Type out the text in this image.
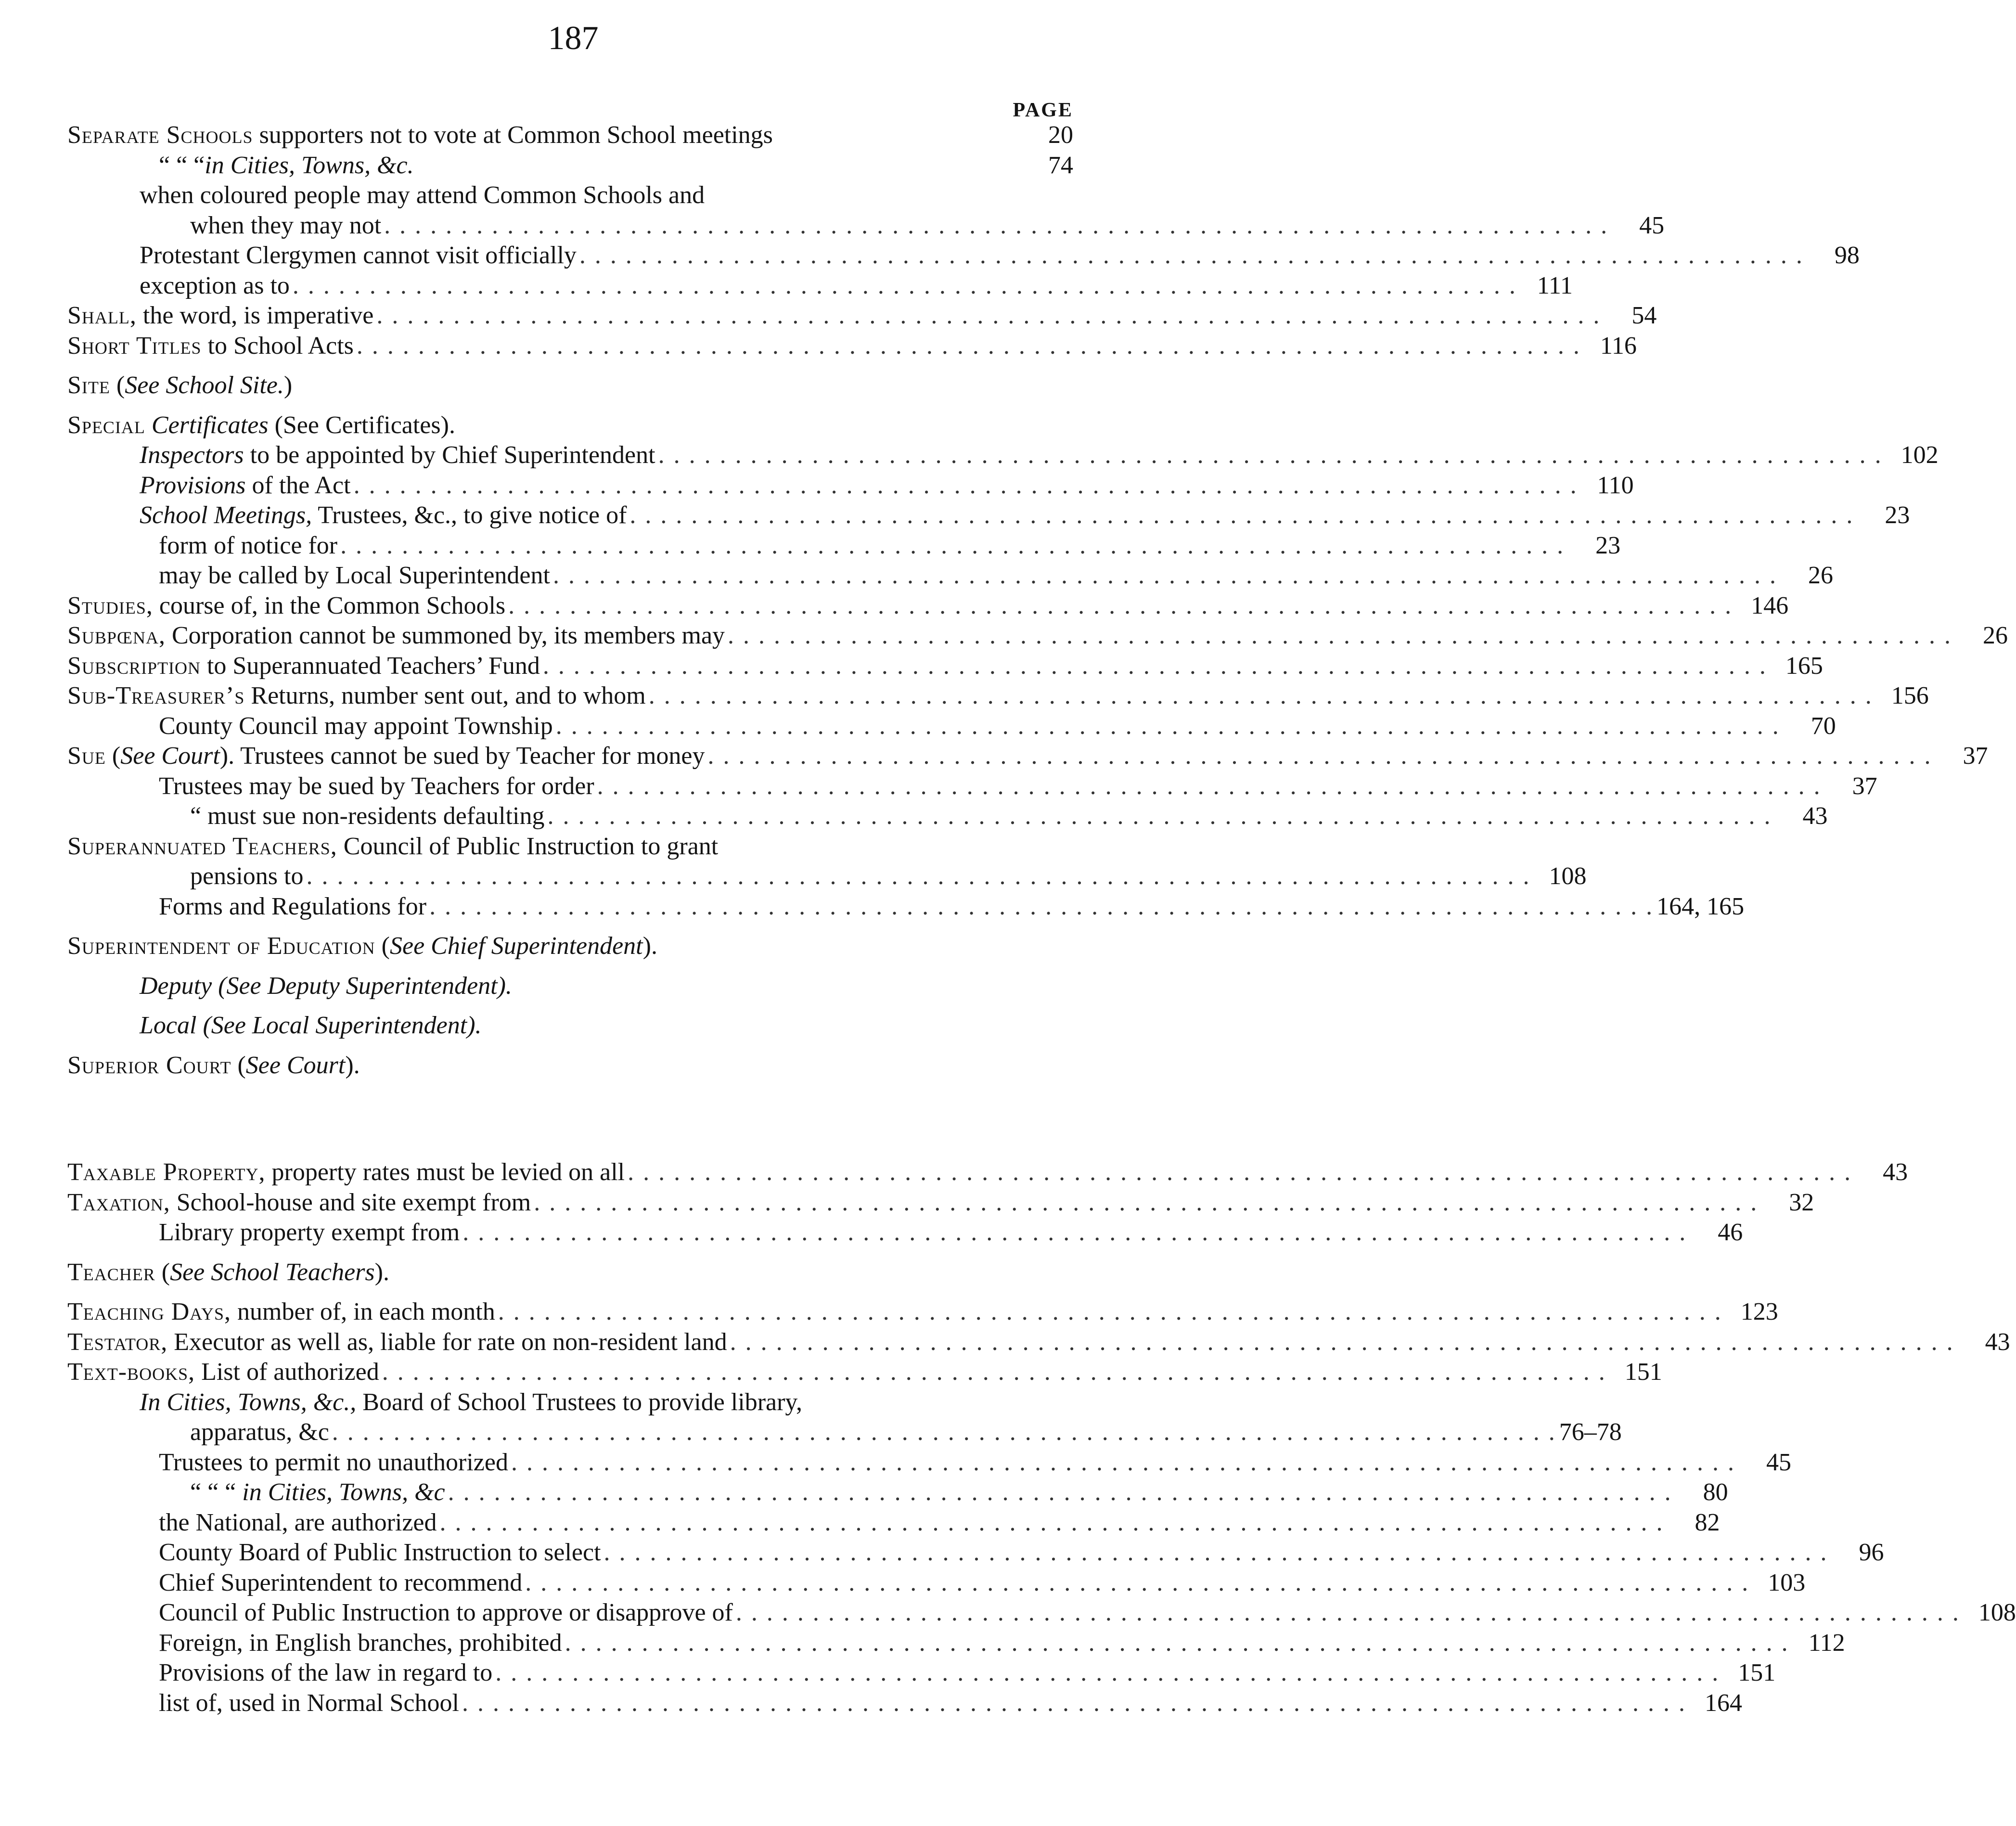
187
PAGE
Separate Schools supporters not to vote at Common School meetings	20
“ “ “in Cities, Towns, &c.	74
when coloured people may attend Common Schools and
when they may not . . . . . . . . . . . . . . . . . . . . . . . . . . . . . . . . . . . . . . . . . . . . . . . . . . . . . . . . . . . . . . . . . . . . . . . . . . . . . . . .	45
Protestant Clergymen cannot visit officially . . . . . . . . . . . . . . . . . . . . . . . . . . . . . . . . . . . . . . . . . . . . . . . . . . . . . . . . . . . . . . . . . . . . . . . . . . . . . . . .	98
exception as to . . . . . . . . . . . . . . . . . . . . . . . . . . . . . . . . . . . . . . . . . . . . . . . . . . . . . . . . . . . . . . . . . . . . . . . . . . . . . . . . 111
Shall, the word, is imperative . . . . . . . . . . . . . . . . . . . . . . . . . . . . . . . . . . . . . . . . . . . . . . . . . . . . . . . . . . . . . . . . . . . . . . . . . . . . . . . .	54
Short Titles to School Acts . . . . . . . . . . . . . . . . . . . . . . . . . . . . . . . . . . . . . . . . . . . . . . . . . . . . . . . . . . . . . . . . . . . . . . . . . . . . . . . . 116
Site (See School Site.)
Special Certificates (See Certificates).
Inspectors to be appointed by Chief Superintendent . . . . . . . . . . . . . . . . . . . . . . . . . . . . . . . . . . . . . . . . . . . . . . . . . . . . . . . . . . . . . . . . . . . . . . . . . . . . . . . . 102
Provisions of the Act . . . . . . . . . . . . . . . . . . . . . . . . . . . . . . . . . . . . . . . . . . . . . . . . . . . . . . . . . . . . . . . . . . . . . . . . . . . . . . . . 110
School Meetings, Trustees, &c., to give notice of . . . . . . . . . . . . . . . . . . . . . . . . . . . . . . . . . . . . . . . . . . . . . . . . . . . . . . . . . . . . . . . . . . . . . . . . . . . . . . . .	23
form of notice for . . . . . . . . . . . . . . . . . . . . . . . . . . . . . . . . . . . . . . . . . . . . . . . . . . . . . . . . . . . . . . . . . . . . . . . . . . . . . . . .	23
may be called by Local Superintendent . . . . . . . . . . . . . . . . . . . . . . . . . . . . . . . . . . . . . . . . . . . . . . . . . . . . . . . . . . . . . . . . . . . . . . . . . . . . . . . .	26
Studies, course of, in the Common Schools . . . . . . . . . . . . . . . . . . . . . . . . . . . . . . . . . . . . . . . . . . . . . . . . . . . . . . . . . . . . . . . . . . . . . . . . . . . . . . . . 146
Subpœna, Corporation cannot be summoned by, its members may . . . . . . . . . . . . . . . . . . . . . . . . . . . . . . . . . . . . . . . . . . . . . . . . . . . . . . . . . . . . . . . . . . . . . . . . . . . . . . . .	26
Subscription to Superannuated Teachers’ Fund . . . . . . . . . . . . . . . . . . . . . . . . . . . . . . . . . . . . . . . . . . . . . . . . . . . . . . . . . . . . . . . . . . . . . . . . . . . . . . . . 165
Sub-Treasurer’s Returns, number sent out, and to whom . . . . . . . . . . . . . . . . . . . . . . . . . . . . . . . . . . . . . . . . . . . . . . . . . . . . . . . . . . . . . . . . . . . . . . . . . . . . . . . . 156
County Council may appoint Township . . . . . . . . . . . . . . . . . . . . . . . . . . . . . . . . . . . . . . . . . . . . . . . . . . . . . . . . . . . . . . . . . . . . . . . . . . . . . . . .	70
Sue (See Court). Trustees cannot be sued by Teacher for money . . . . . . . . . . . . . . . . . . . . . . . . . . . . . . . . . . . . . . . . . . . . . . . . . . . . . . . . . . . . . . . . . . . . . . . . . . . . . . . .	37
Trustees may be sued by Teachers for order . . . . . . . . . . . . . . . . . . . . . . . . . . . . . . . . . . . . . . . . . . . . . . . . . . . . . . . . . . . . . . . . . . . . . . . . . . . . . . . .	37
“ must sue non-residents defaulting . . . . . . . . . . . . . . . . . . . . . . . . . . . . . . . . . . . . . . . . . . . . . . . . . . . . . . . . . . . . . . . . . . . . . . . . . . . . . . . .	43
Superannuated Teachers, Council of Public Instruction to grant
pensions to . . . . . . . . . . . . . . . . . . . . . . . . . . . . . . . . . . . . . . . . . . . . . . . . . . . . . . . . . . . . . . . . . . . . . . . . . . . . . . . . 108
Forms and Regulations for . . . . . . . . . . . . . . . . . . . . . . . . . . . . . . . . . . . . . . . . . . . . . . . . . . . . . . . . . . . . . . . . . . . . . . . . . . . . . . . . 164, 165
Superintendent of Education (See Chief Superintendent).
Deputy (See Deputy Superintendent).
Local (See Local Superintendent).
Superior Court (See Court).
Taxable Property, property rates must be levied on all . . . . . . . . . . . . . . . . . . . . . . . . . . . . . . . . . . . . . . . . . . . . . . . . . . . . . . . . . . . . . . . . . . . . . . . . . . . . . . . .	43
Taxation, School-house and site exempt from . . . . . . . . . . . . . . . . . . . . . . . . . . . . . . . . . . . . . . . . . . . . . . . . . . . . . . . . . . . . . . . . . . . . . . . . . . . . . . . .	32
Library property exempt from . . . . . . . . . . . . . . . . . . . . . . . . . . . . . . . . . . . . . . . . . . . . . . . . . . . . . . . . . . . . . . . . . . . . . . . . . . . . . . . .	46
Teacher (See School Teachers).
Teaching Days, number of, in each month . . . . . . . . . . . . . . . . . . . . . . . . . . . . . . . . . . . . . . . . . . . . . . . . . . . . . . . . . . . . . . . . . . . . . . . . . . . . . . . . 123
Testator, Executor as well as, liable for rate on non-resident land . . . . . . . . . . . . . . . . . . . . . . . . . . . . . . . . . . . . . . . . . . . . . . . . . . . . . . . . . . . . . . . . . . . . . . . . . . . . . . . .	43
Text-books, List of authorized . . . . . . . . . . . . . . . . . . . . . . . . . . . . . . . . . . . . . . . . . . . . . . . . . . . . . . . . . . . . . . . . . . . . . . . . . . . . . . . . 151
In Cities, Towns, &c., Board of School Trustees to provide library,
apparatus, &c . . . . . . . . . . . . . . . . . . . . . . . . . . . . . . . . . . . . . . . . . . . . . . . . . . . . . . . . . . . . . . . . . . . . . . . . . . . . . . . . 76–78
Trustees to permit no unauthorized . . . . . . . . . . . . . . . . . . . . . . . . . . . . . . . . . . . . . . . . . . . . . . . . . . . . . . . . . . . . . . . . . . . . . . . . . . . . . . . .	45
“ “ “ in Cities, Towns, &c . . . . . . . . . . . . . . . . . . . . . . . . . . . . . . . . . . . . . . . . . . . . . . . . . . . . . . . . . . . . . . . . . . . . . . . . . . . . . . . .	80
the National, are authorized . . . . . . . . . . . . . . . . . . . . . . . . . . . . . . . . . . . . . . . . . . . . . . . . . . . . . . . . . . . . . . . . . . . . . . . . . . . . . . . .	82
County Board of Public Instruction to select . . . . . . . . . . . . . . . . . . . . . . . . . . . . . . . . . . . . . . . . . . . . . . . . . . . . . . . . . . . . . . . . . . . . . . . . . . . . . . . .	96
Chief Superintendent to recommend . . . . . . . . . . . . . . . . . . . . . . . . . . . . . . . . . . . . . . . . . . . . . . . . . . . . . . . . . . . . . . . . . . . . . . . . . . . . . . . . 103
Council of Public Instruction to approve or disapprove of . . . . . . . . . . . . . . . . . . . . . . . . . . . . . . . . . . . . . . . . . . . . . . . . . . . . . . . . . . . . . . . . . . . . . . . . . . . . . . . . 108
Foreign, in English branches, prohibited . . . . . . . . . . . . . . . . . . . . . . . . . . . . . . . . . . . . . . . . . . . . . . . . . . . . . . . . . . . . . . . . . . . . . . . . . . . . . . . . 112
Provisions of the law in regard to . . . . . . . . . . . . . . . . . . . . . . . . . . . . . . . . . . . . . . . . . . . . . . . . . . . . . . . . . . . . . . . . . . . . . . . . . . . . . . . . 151
list of, used in Normal School . . . . . . . . . . . . . . . . . . . . . . . . . . . . . . . . . . . . . . . . . . . . . . . . . . . . . . . . . . . . . . . . . . . . . . . . . . . . . . . . 164
